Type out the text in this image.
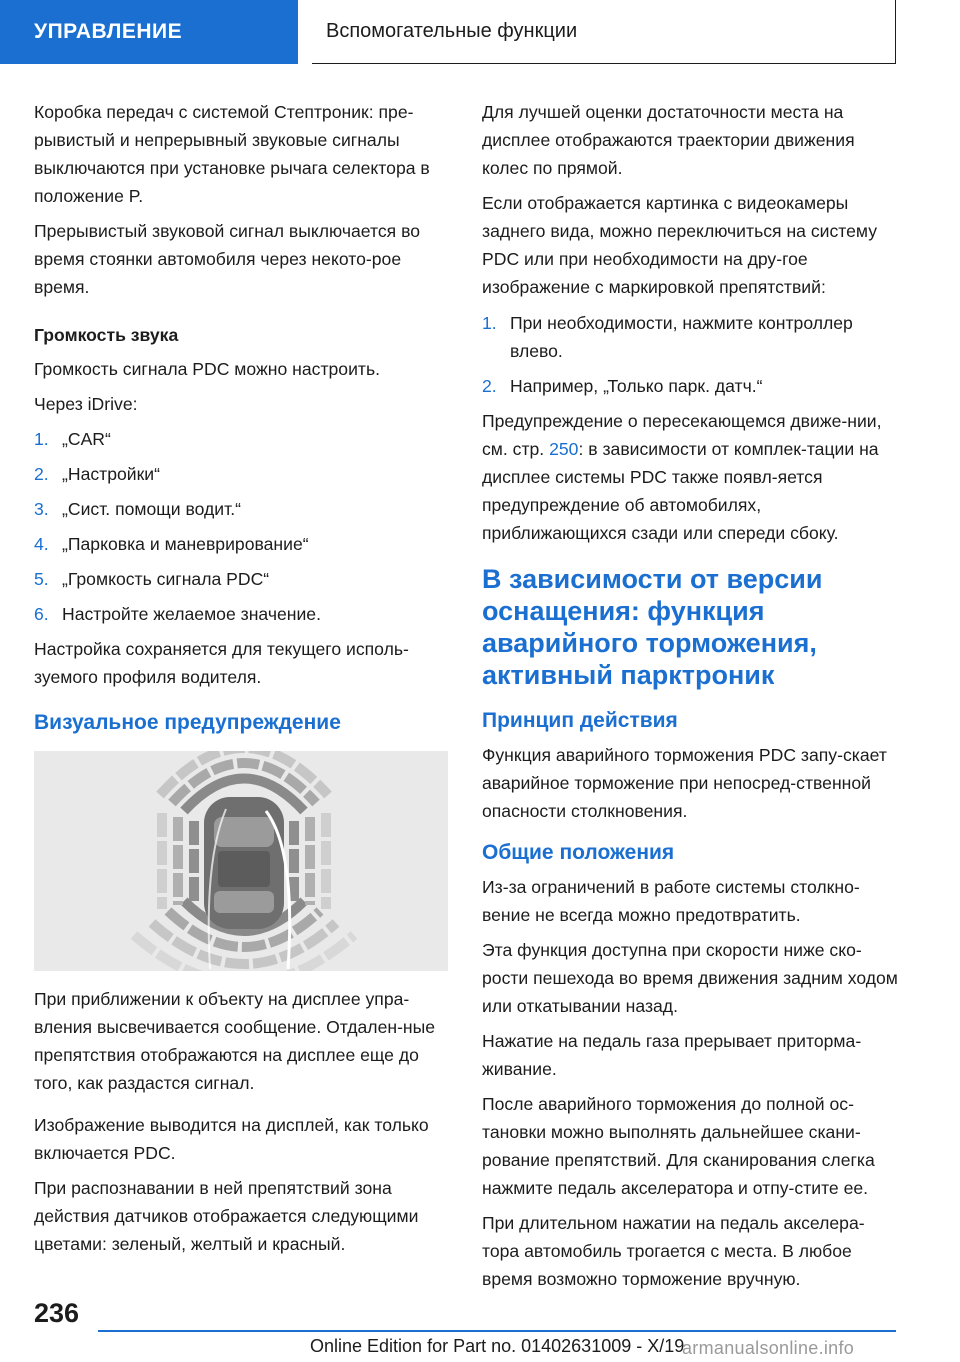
УПРАВЛЕНИЕ	Вспомогательные функции

Коробка передач с системой Стептроник: пре‐рывистый и непрерывный звуковые сигналы выключаются при установке рычага селектора в положение P.

Прерывистый звуковой сигнал выключается во время стоянки автомобиля через некото‐рое время.

Громкость звука

Громкость сигнала PDC можно настроить.

Через iDrive:

1. „CAR“
2. „Настройки“
3. „Сист. помощи водит.“
4. „Парковка и маневрирование“
5. „Громкость сигнала PDC“
6. Настройте желаемое значение.

Настройка сохраняется для текущего исполь‐зуемого профиля водителя.

Визуальное предупреждение

При приближении к объекту на дисплее упра‐вления высвечивается сообщение. Отдален‐ные препятствия отображаются на дисплее еще до того, как раздастся сигнал.

Изображение выводится на дисплей, как только включается PDC.

При распознавании в ней препятствий зона действия датчиков отображается следующими цветами: зеленый, желтый и красный.

Для лучшей оценки достаточности места на дисплее отображаются траектории движения колес по прямой.

Если отображается картинка с видеокамеры заднего вида, можно переключиться на систему PDC или при необходимости на дру‐гое изображение с маркировкой препятствий:

1. При необходимости, нажмите контроллер влево.
2. Например, „Только парк. датч.“

Предупреждение о пересекающемся движе‐нии, см. стр. 250: в зависимости от комплек‐тации на дисплее системы PDC также появл‐яется предупреждение об автомобилях, приближающихся сзади или спереди сбоку.

В зависимости от версии оснащения: функция аварийного торможения, активный парктроник
Принцип действия

Функция аварийного торможения PDC запу‐скает аварийное торможение при непосред‐ственной опасности столкновения.

Общие положения

Из-за ограничений в работе системы столкно‐вение не всегда можно предотвратить.

Эта функция доступна при скорости ниже ско‐рости пешехода во время движения задним ходом или откатывании назад.

Нажатие на педаль газа прерывает приторма‐живание.

После аварийного торможения до полной ос‐тановки можно выполнять дальнейшее скани‐рование препятствий. Для сканирования слегка нажмите педаль акселератора и отпу‐стите ее.

При длительном нажатии на педаль акселера‐тора автомобиль трогается с места. В любое время возможно торможение вручную.

236
Online Edition for Part no. 01402631009 - X/19
armanualsonline.info
